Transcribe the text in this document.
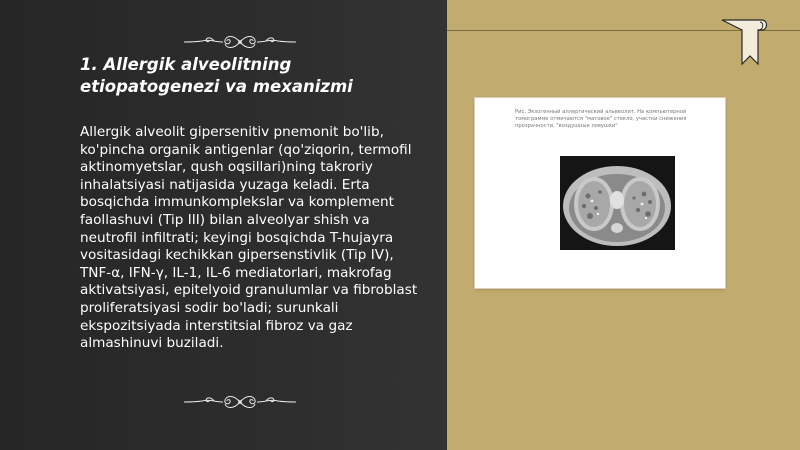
1. Allergik alveolitning etiopatogenezi va mexanizmi

Allergik alveolit gipersenitiv pnemonit bo'lib, ko'pincha organik antigenlar (qo'ziqorin, termofil aktinomyetslar, qush oqsillari)ning takroriy inhalatsiyasi natijasida yuzaga keladi. Erta bosqichda immunkomplekslar va komplement faollashuvi (Tip III) bilan alveolyar shish va neutrofil infiltrati; keyingi bosqichda T-hujayra vositasidagi kechikkan gipersenstivlik (Tip IV), TNF-α, IFN-γ, IL-1, IL-6 mediatorlari, makrofag aktivatsiyasi, epitelyoid granulumlar va fibroblast proliferatsiyasi sodir bo'ladi; surunkali ekspozitsiyada interstitsial fibroz va gaz almashinuvi buziladi.

Рис. Экзогенный аллергический альвеолит. На компьютерной томограмме отмечаются "матовое" стекло, участки снижения прозрачности, "воздушные ловушки"
